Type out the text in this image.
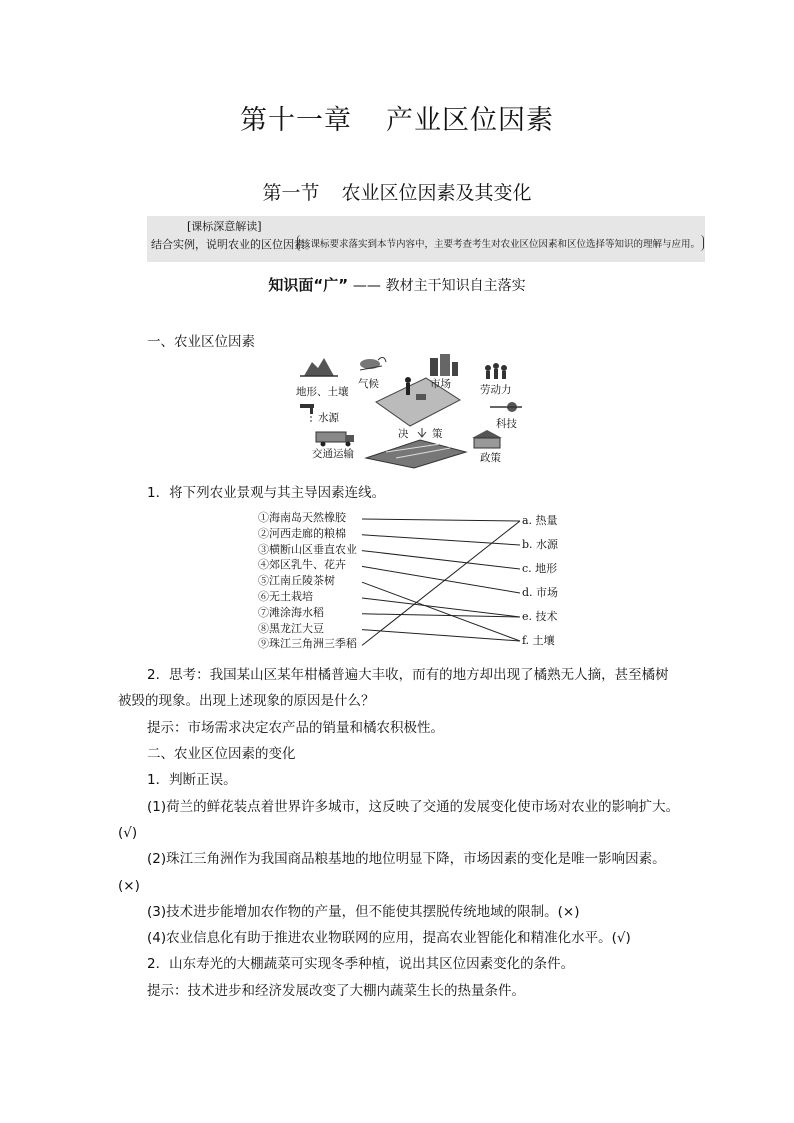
第十一章 产业区位因素
第一节 农业区位因素及其变化
[课标深意解读]
结合实例，说明农业的区位因素。
该课标要求落实到本节内容中，主要考查考生对农业区位因素和区位选择等知识的理解与应用。
知识面“广” —— 教材主干知识自主落实
一、农业区位因素
地形、土壤
气候	市场	劳动力
水源	科技
交通运输	政策
决 策
1．将下列农业景观与其主导因素连线。
①海南岛天然橡胶
②河西走廊的粮棉
③横断山区垂直农业
④郊区乳牛、花卉
⑤江南丘陵茶树
⑥无土栽培
⑦滩涂海水稻
⑧黑龙江大豆
⑨珠江三角洲三季稻
a. 热量
b. 水源
c. 地形
d. 市场
e. 技术
f. 土壤
2．思考：我国某山区某年柑橘普遍大丰收，而有的地方却出现了橘熟无人摘，甚至橘树
被毁的现象。出现上述现象的原因是什么？
提示：市场需求决定农产品的销量和橘农积极性。
二、农业区位因素的变化
1．判断正误。
(1)荷兰的鲜花装点着世界许多城市，这反映了交通的发展变化使市场对农业的影响扩大。
(√)
(2)珠江三角洲作为我国商品粮基地的地位明显下降，市场因素的变化是唯一影响因素。
(×)
(3)技术进步能增加农作物的产量，但不能使其摆脱传统地域的限制。(×)
(4)农业信息化有助于推进农业物联网的应用，提高农业智能化和精准化水平。(√)
2．山东寿光的大棚蔬菜可实现冬季种植，说出其区位因素变化的条件。
提示：技术进步和经济发展改变了大棚内蔬菜生长的热量条件。
